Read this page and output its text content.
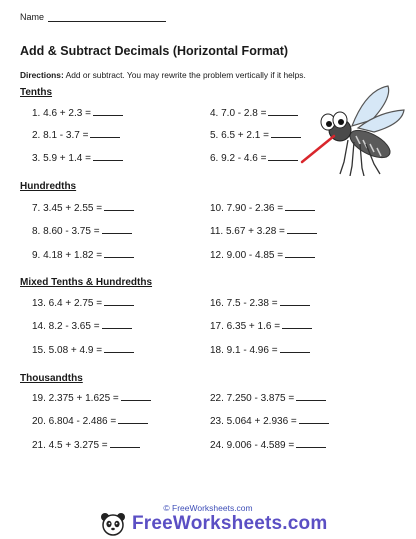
Name
Add & Subtract Decimals (Horizontal Format)
Directions: Add or subtract. You may rewrite the problem vertically if it helps.
Tenths
1. 4.6 + 2.3 =	4. 7.0 - 2.8 =
2. 8.1 - 3.7 =	5. 6.5 + 2.1 =
3. 5.9 + 1.4 =	6. 9.2 - 4.6 =
Hundredths
7. 3.45 + 2.55 =	10. 7.90 - 2.36 =
8. 8.60 - 3.75 =	11. 5.67 + 3.28 =
9. 4.18 + 1.82 =	12. 9.00 - 4.85 =
Mixed Tenths & Hundredths
13. 6.4 + 2.75 =	16. 7.5 - 2.38 =
14. 8.2 - 3.65 =	17. 6.35 + 1.6 =
15. 5.08 + 4.9 =	18. 9.1 - 4.96 =
Thousandths
19. 2.375 + 1.625 =	22. 7.250 - 3.875 =
20. 6.804 - 2.486 =	23. 5.064 + 2.936 =
21. 4.5 + 3.275 =	24. 9.006 - 4.589 =
© FreeWorksheets.com
FreeWorksheets.com
